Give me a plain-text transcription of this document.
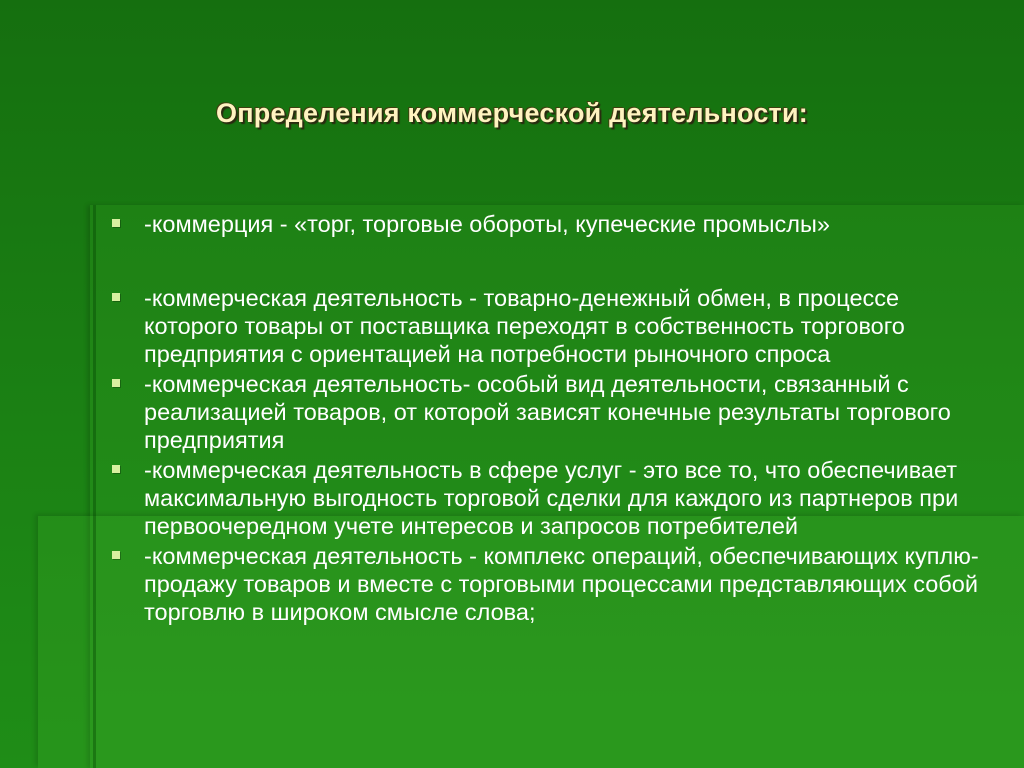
Определения коммерческой деятельности:
-коммерция - «торг, торговые обороты, купеческие промыслы»
-коммерческая деятельность - товарно-денежный обмен, в процессе которого товары от поставщика переходят в собственность торгового предприятия с ориентацией на потребности рыночного спроса
-коммерческая деятельность- особый вид деятельности, связанный с реализацией товаров, от которой зависят конечные результаты торгового предприятия
-коммерческая деятельность в сфере услуг - это все то, что обеспечивает максимальную выгодность торговой сделки для каждого из партнеров при первоочередном учете интересов и запросов потребителей
-коммерческая деятельность - комплекс операций, обеспечивающих куплю-продажу товаров и вместе с торговыми процессами представляющих собой торговлю в широком смысле слова;
